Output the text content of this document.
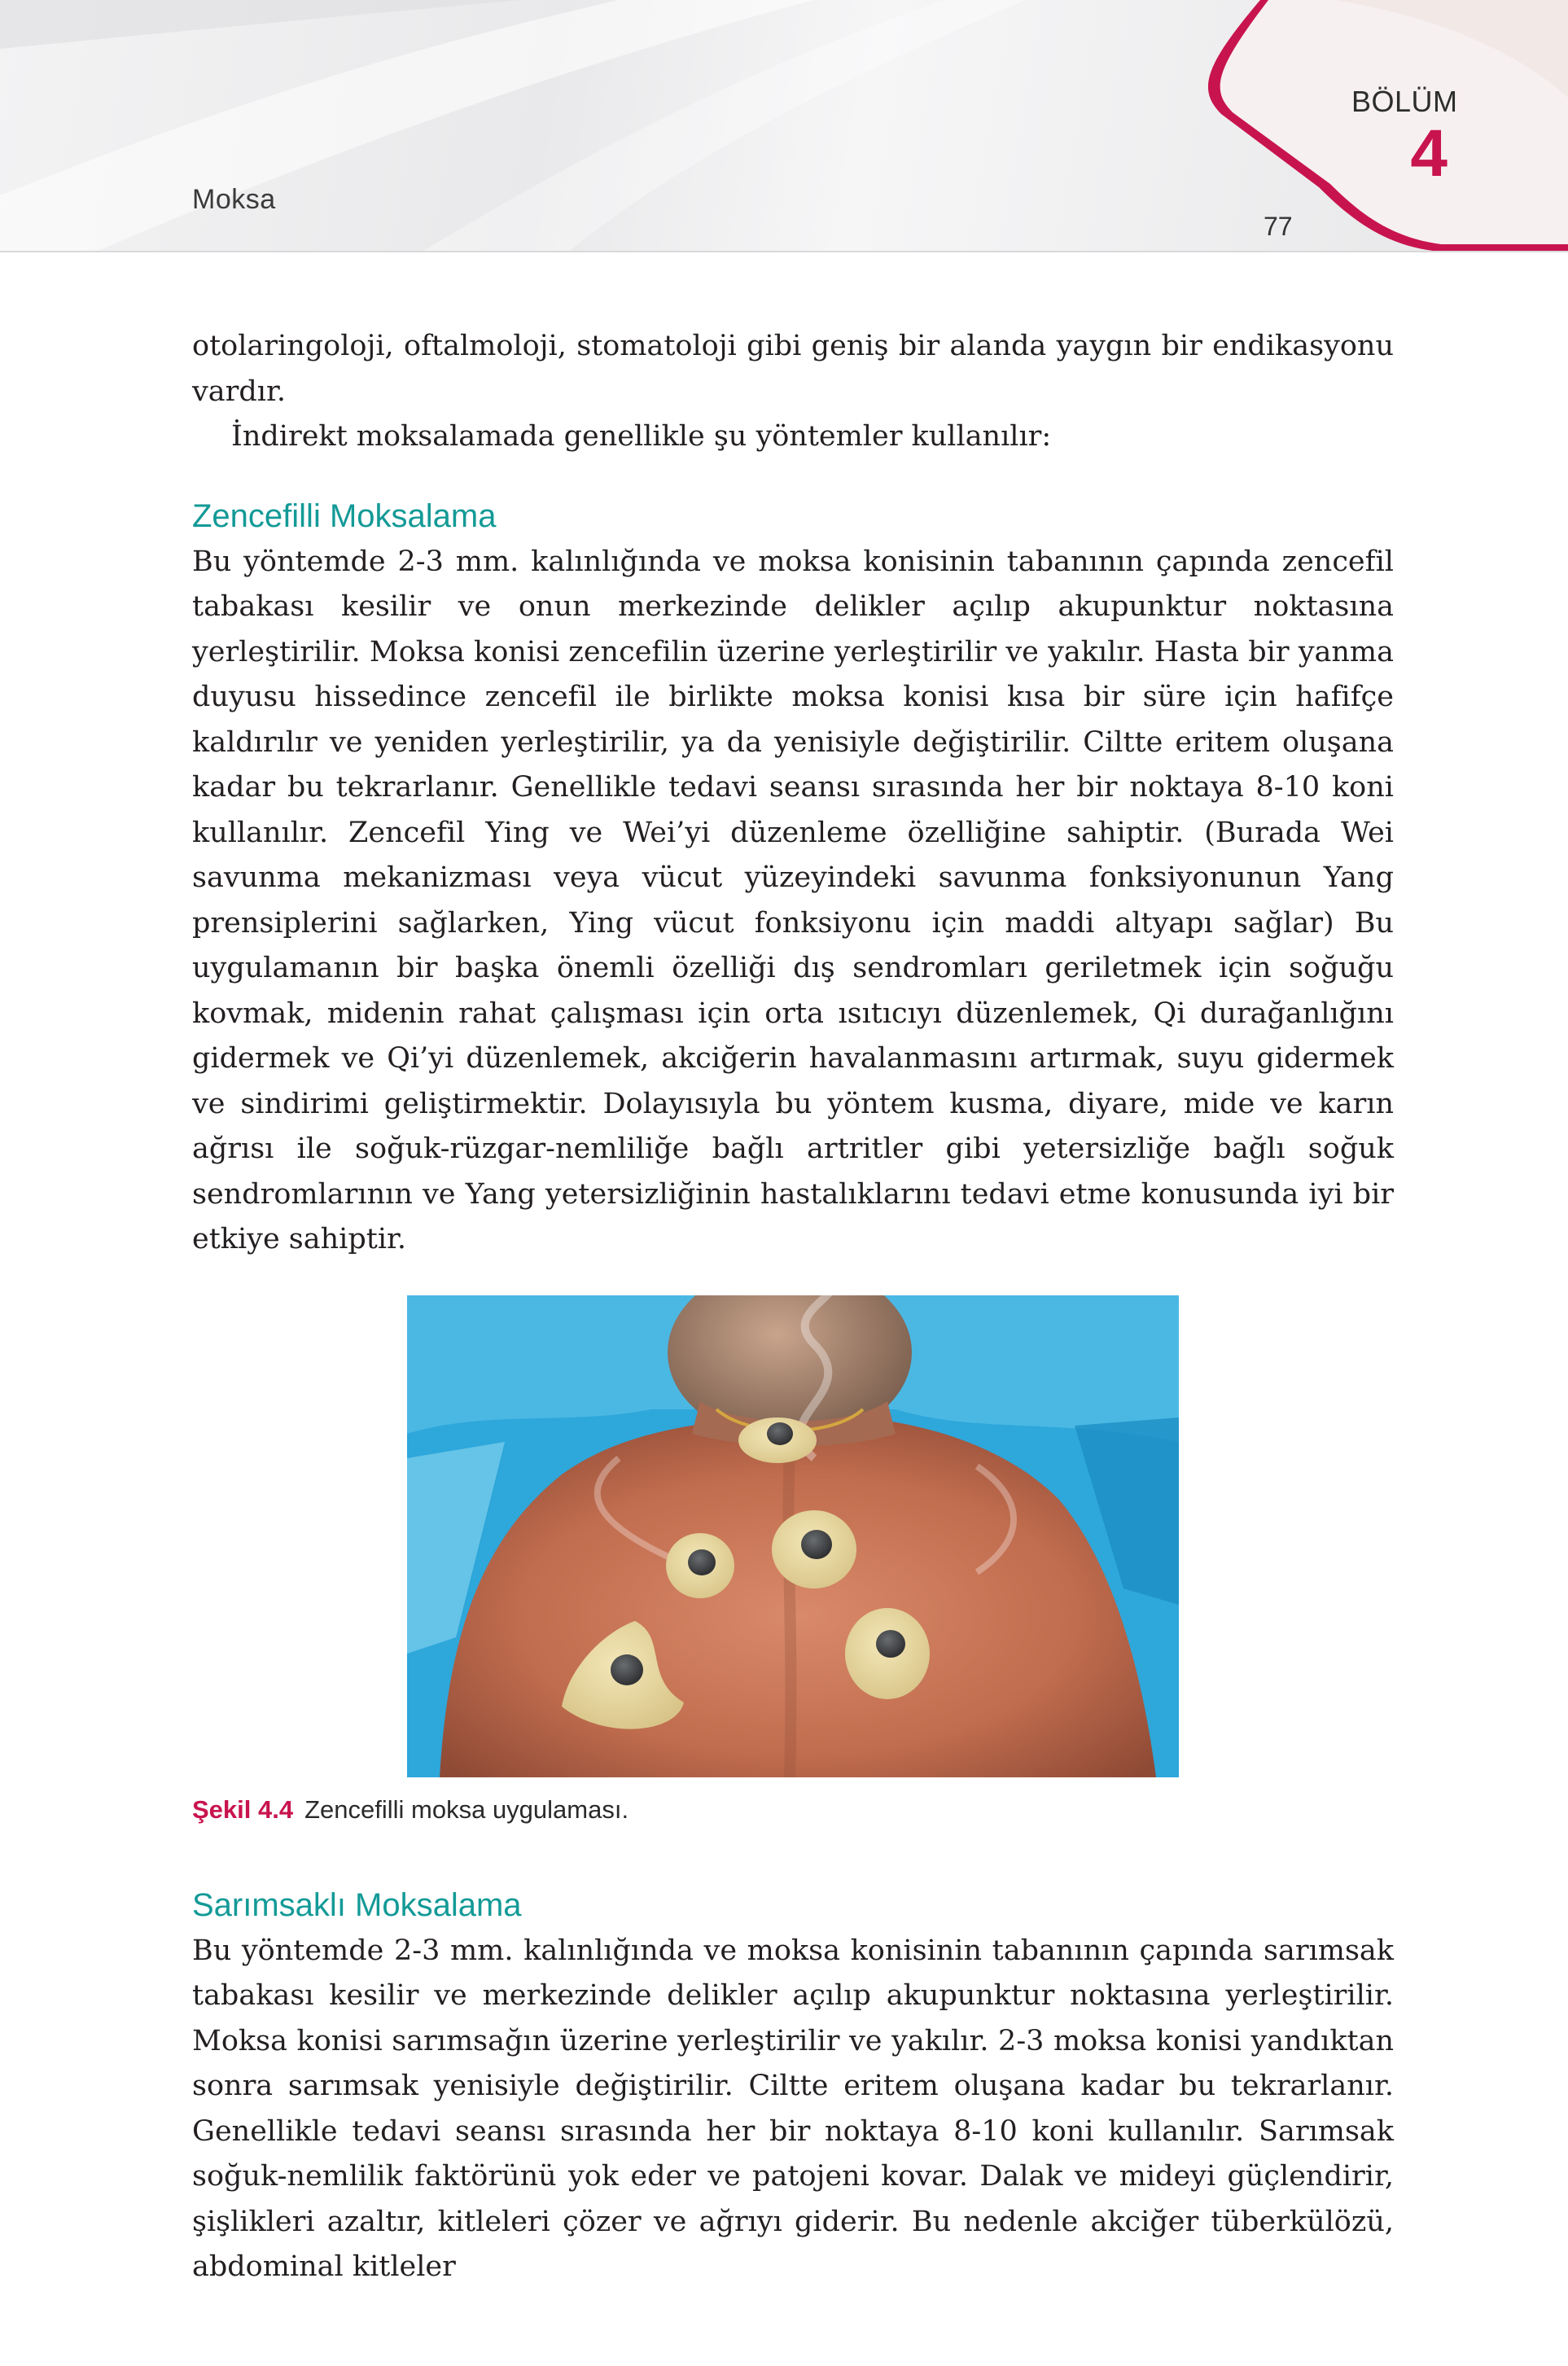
Moksa
77
BÖLÜM
4

otolaringoloji, oftalmoloji, stomatoloji gibi geniş bir alanda yaygın bir endikasyonu vardır.

İndirekt moksalamada genellikle şu yöntemler kullanılır:

Zencefilli Moksalama

Bu yöntemde 2-3 mm. kalınlığında ve moksa konisinin tabanının çapında zencefil tabakası kesilir ve onun merkezinde delikler açılıp akupunktur noktasına yerleştirilir. Moksa konisi zencefilin üzerine yerleştirilir ve yakılır. Hasta bir yanma duyusu hissedince zencefil ile birlikte moksa konisi kısa bir süre için hafifçe kaldırılır ve yeniden yerleştirilir, ya da yenisiyle değiştirilir. Ciltte eritem oluşana kadar bu tekrarlanır. Genellikle tedavi seansı sırasında her bir noktaya 8-10 koni kullanılır. Zencefil Ying ve Wei’yi düzenleme özelliğine sahiptir. (Burada Wei savunma mekanizması veya vücut yüzeyindeki savunma fonksiyonunun Yang prensiplerini sağlarken, Ying vücut fonksiyonu için maddi altyapı sağlar) Bu uygulamanın bir başka önemli özelliği dış sendromları geriletmek için soğuğu kovmak, midenin rahat çalışması için orta ısıtıcıyı düzenlemek, Qi durağanlığını gidermek ve Qi’yi düzenlemek, akciğerin havalanmasını artırmak, suyu gidermek ve sindirimi geliştirmektir. Dolayısıyla bu yöntem kusma, diyare, mide ve karın ağrısı ile soğuk-rüzgar-nemliliğe bağlı artritler gibi yetersizliğe bağlı soğuk sendromlarının ve Yang yetersizliğinin hastalıklarını tedavi etme konusunda iyi bir etkiye sahiptir.

Şekil 4.4 Zencefilli moksa uygulaması.
Sarımsaklı Moksalama

Bu yöntemde 2-3 mm. kalınlığında ve moksa konisinin tabanının çapında sarımsak tabakası kesilir ve merkezinde delikler açılıp akupunktur noktasına yerleştirilir. Moksa konisi sarımsağın üzerine yerleştirilir ve yakılır. 2-3 moksa konisi yandıktan sonra sarımsak yenisiyle değiştirilir. Ciltte eritem oluşana kadar bu tekrarlanır. Genellikle tedavi seansı sırasında her bir noktaya 8-10 koni kullanılır. Sarımsak soğuk-nemlilik faktörünü yok eder ve patojeni kovar. Dalak ve mideyi güçlendirir, şişlikleri azaltır, kitleleri çözer ve ağrıyı giderir. Bu nedenle akciğer tüberkülözü, abdominal kitleler
